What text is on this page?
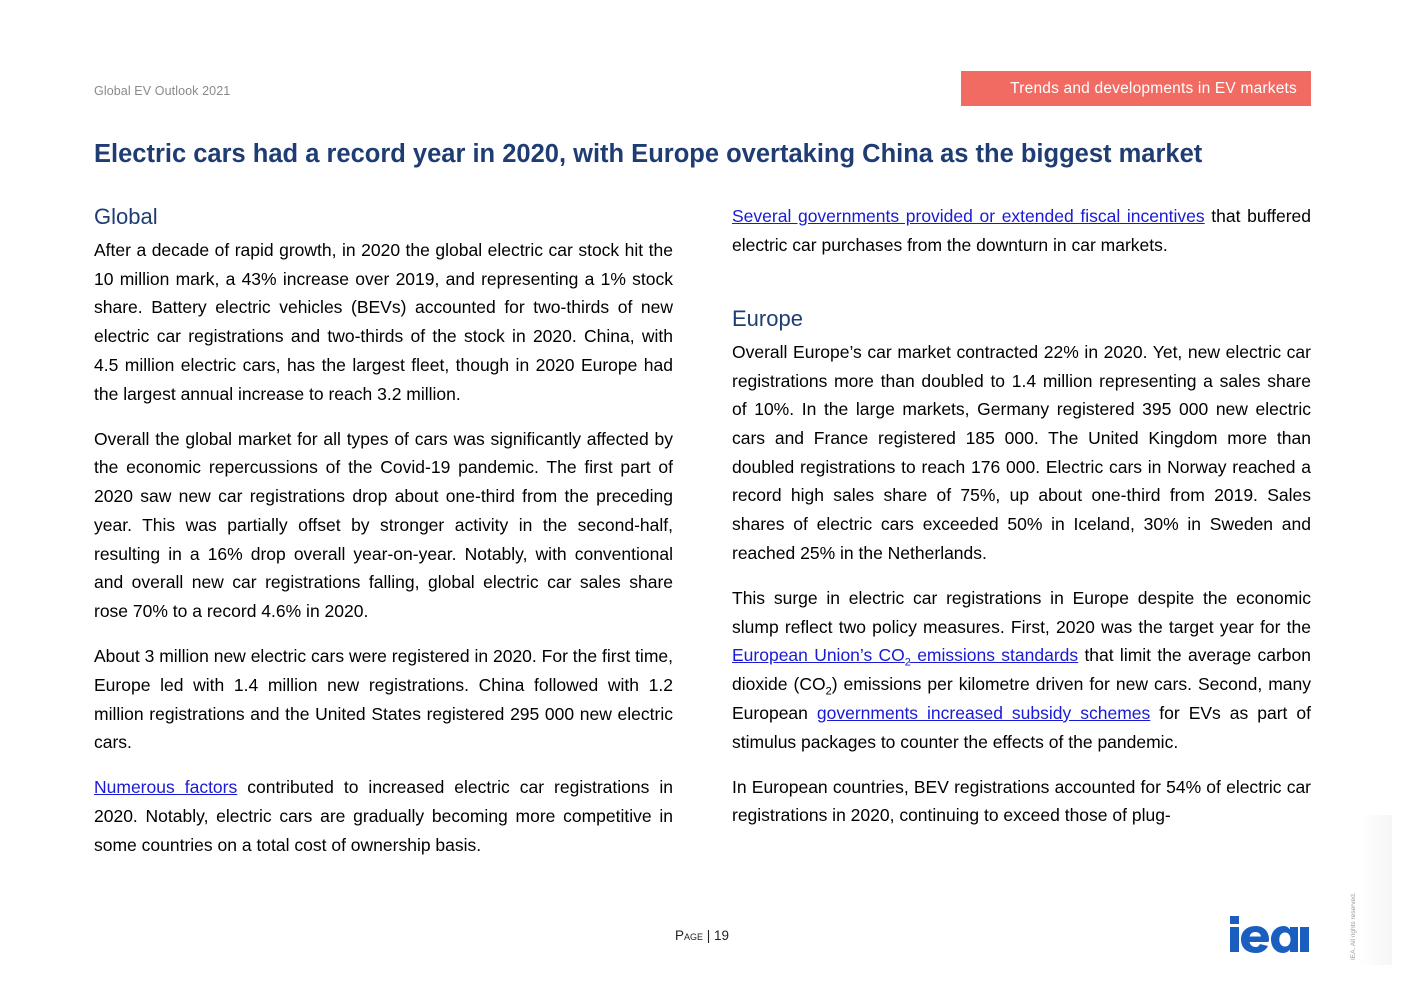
Global EV Outlook 2021	Trends and developments in EV markets
Electric cars had a record year in 2020, with Europe overtaking China as the biggest market
Global

After a decade of rapid growth, in 2020 the global electric car stock hit the 10 million mark, a 43% increase over 2019, and representing a 1% stock share. Battery electric vehicles (BEVs) accounted for two-thirds of new electric car registrations and two-thirds of the stock in 2020. China, with 4.5 million electric cars, has the largest fleet, though in 2020 Europe had the largest annual increase to reach 3.2 million.

Overall the global market for all types of cars was significantly affected by the economic repercussions of the Covid-19 pandemic. The first part of 2020 saw new car registrations drop about one-third from the preceding year. This was partially offset by stronger activity in the second-half, resulting in a 16% drop overall year-on-year. Notably, with conventional and overall new car registrations falling, global electric car sales share rose 70% to a record 4.6% in 2020.

About 3 million new electric cars were registered in 2020. For the first time, Europe led with 1.4 million new registrations. China followed with 1.2 million registrations and the United States registered 295 000 new electric cars.

Numerous factors contributed to increased electric car registrations in 2020. Notably, electric cars are gradually becoming more competitive in some countries on a total cost of ownership basis.

Several governments provided or extended fiscal incentives that buffered electric car purchases from the downturn in car markets.

Europe

Overall Europe’s car market contracted 22% in 2020. Yet, new electric car registrations more than doubled to 1.4 million representing a sales share of 10%. In the large markets, Germany registered 395 000 new electric cars and France registered 185 000. The United Kingdom more than doubled registrations to reach 176 000. Electric cars in Norway reached a record high sales share of 75%, up about one-third from 2019. Sales shares of electric cars exceeded 50% in Iceland, 30% in Sweden and reached 25% in the Netherlands.

This surge in electric car registrations in Europe despite the economic slump reflect two policy measures. First, 2020 was the target year for the European Union’s $CO_2$ emissions standards that limit the average carbon dioxide $(CO_2)$ emissions per kilometre driven for new cars. Second, many European governments increased subsidy schemes for EVs as part of stimulus packages to counter the effects of the pandemic.

In European countries, BEV registrations accounted for 54% of electric car registrations in 2020, continuing to exceed those of plug-

Page | 19	IEA. All rights reserved.
